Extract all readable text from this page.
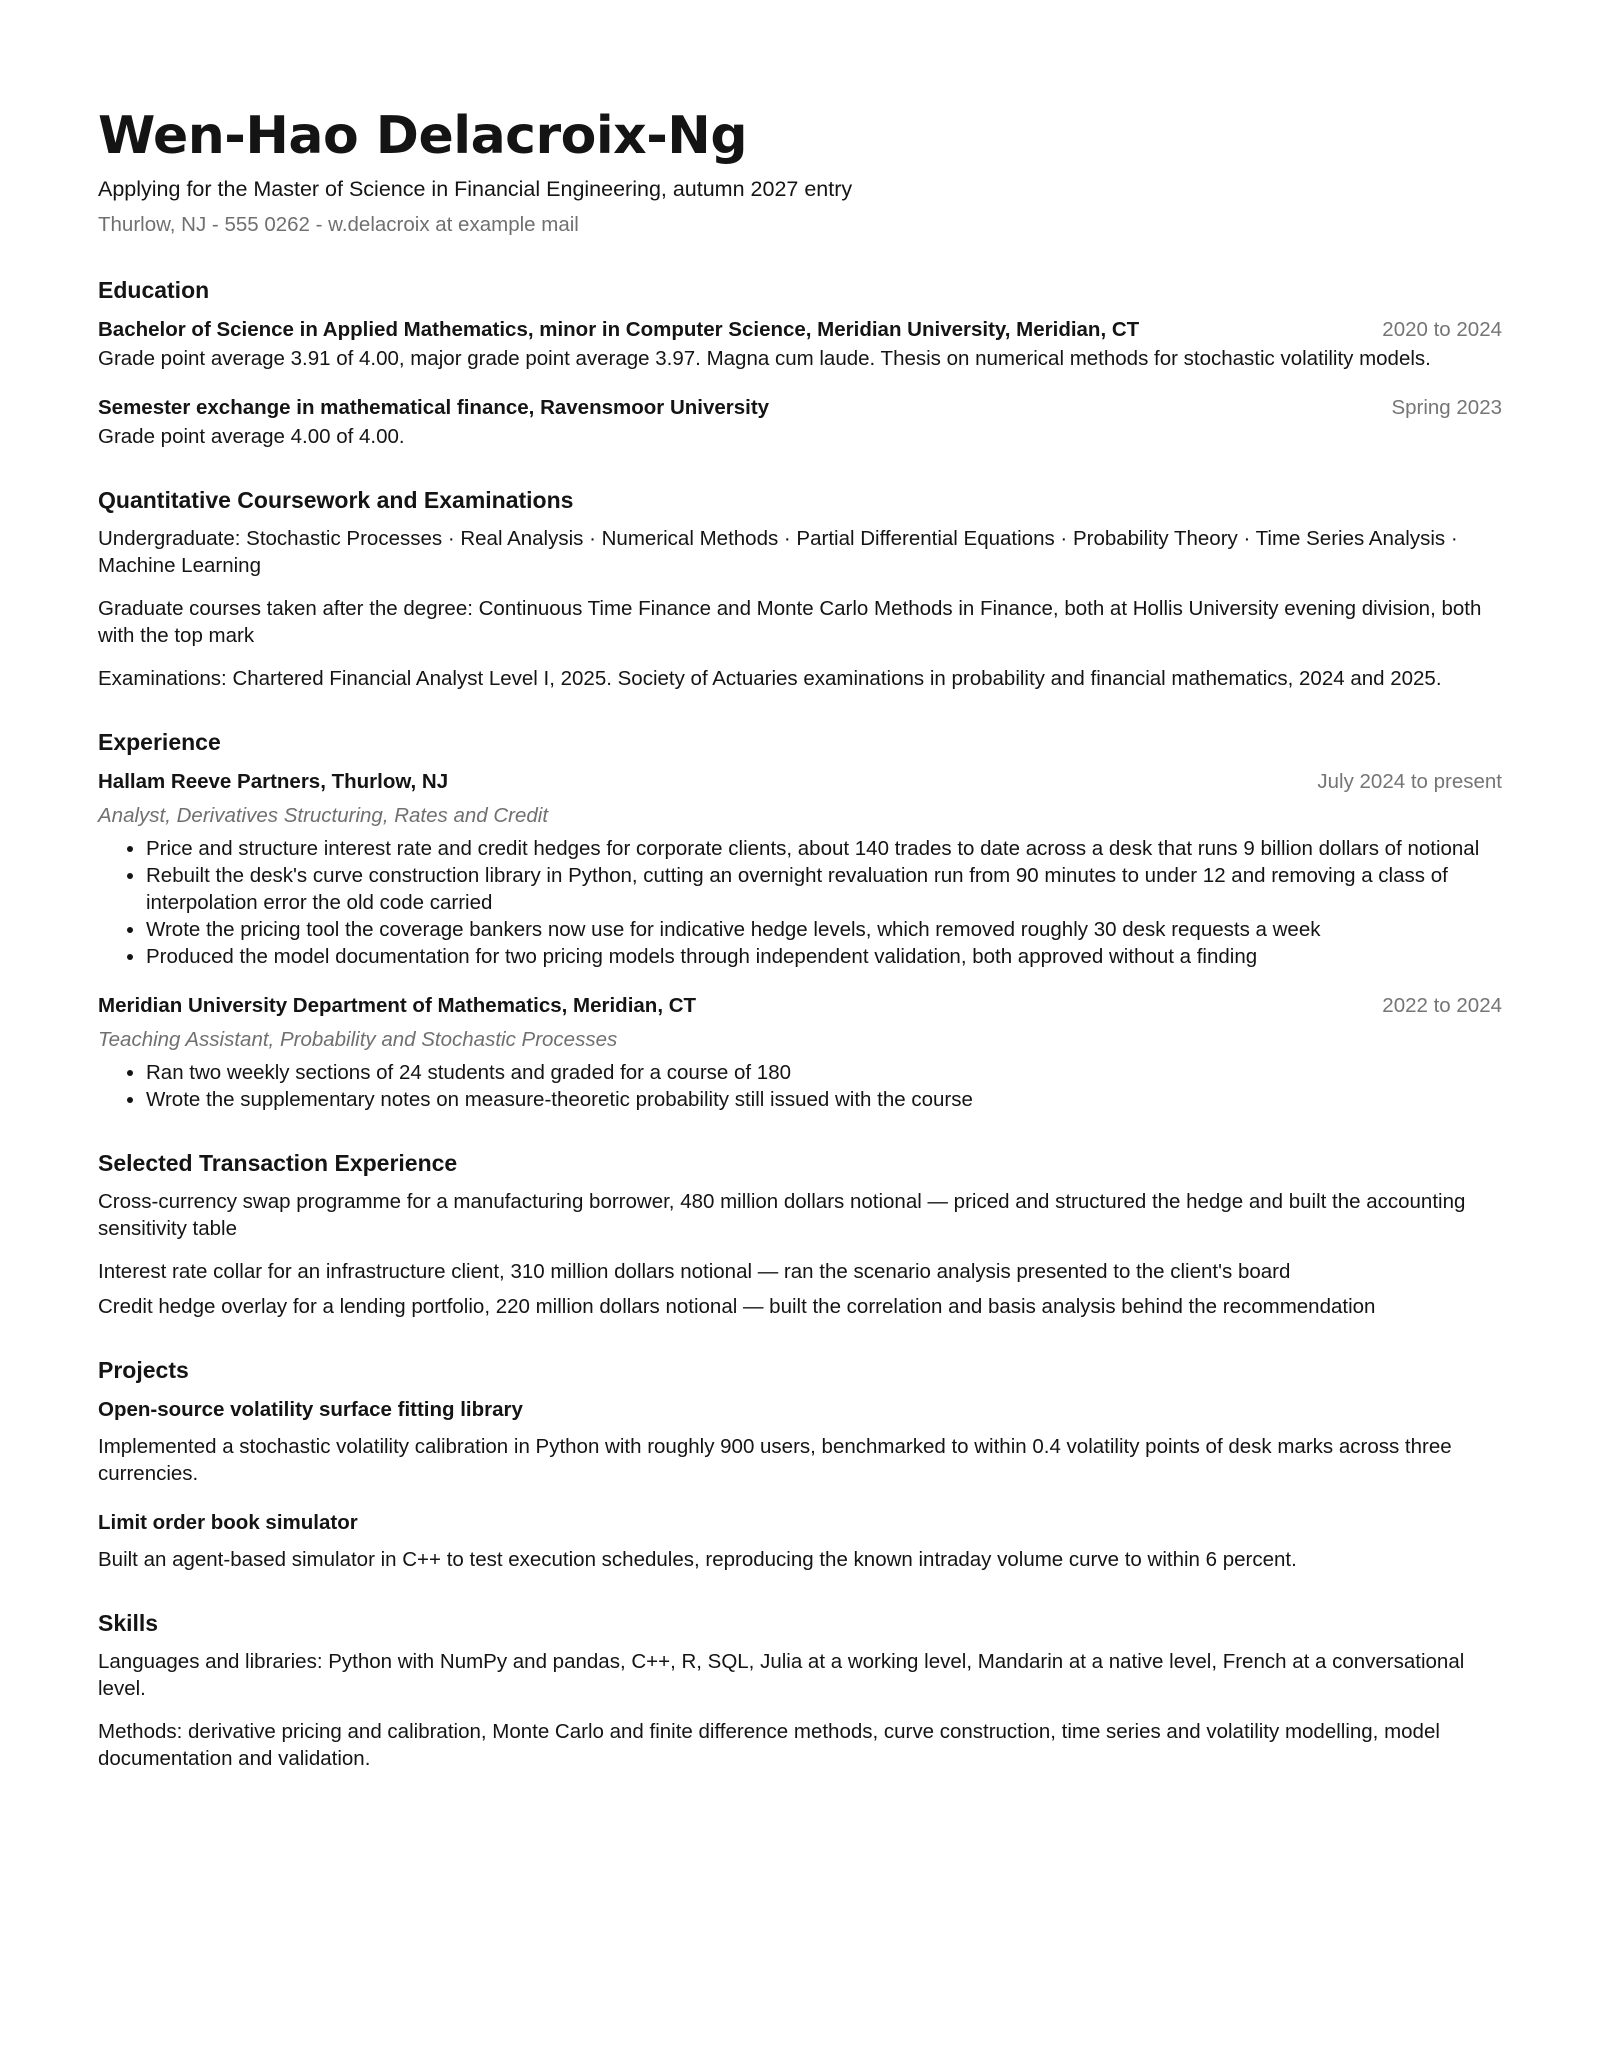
Wen-Hao Delacroix-Ng

Applying for the Master of Science in Financial Engineering, autumn 2027 entry

Thurlow, NJ - 555 0262 - w.delacroix at example mail

Education
Bachelor of Science in Applied Mathematics, minor in Computer Science, Meridian University, Meridian, CT	2020 to 2024

Grade point average 3.91 of 4.00, major grade point average 3.97. Magna cum laude. Thesis on numerical methods for stochastic volatility models.

Semester exchange in mathematical finance, Ravensmoor University	Spring 2023

Grade point average 4.00 of 4.00.

Quantitative Coursework and Examinations

Undergraduate: Stochastic Processes · Real Analysis · Numerical Methods · Partial Differential Equations · Probability Theory · Time Series Analysis · Machine Learning

Graduate courses taken after the degree: Continuous Time Finance and Monte Carlo Methods in Finance, both at Hollis University evening division, both with the top mark

Examinations: Chartered Financial Analyst Level I, 2025. Society of Actuaries examinations in probability and financial mathematics, 2024 and 2025.

Experience
Hallam Reeve Partners, Thurlow, NJ	July 2024 to present
Analyst, Derivatives Structuring, Rates and Credit
• Price and structure interest rate and credit hedges for corporate clients, about 140 trades to date across a desk that runs 9 billion dollars of notional
• Rebuilt the desk's curve construction library in Python, cutting an overnight revaluation run from 90 minutes to under 12 and removing a class of interpolation error the old code carried
• Wrote the pricing tool the coverage bankers now use for indicative hedge levels, which removed roughly 30 desk requests a week
• Produced the model documentation for two pricing models through independent validation, both approved without a finding
Meridian University Department of Mathematics, Meridian, CT	2022 to 2024
Teaching Assistant, Probability and Stochastic Processes
• Ran two weekly sections of 24 students and graded for a course of 180
• Wrote the supplementary notes on measure-theoretic probability still issued with the course
Selected Transaction Experience

Cross-currency swap programme for a manufacturing borrower, 480 million dollars notional — priced and structured the hedge and built the accounting sensitivity table

Interest rate collar for an infrastructure client, 310 million dollars notional — ran the scenario analysis presented to the client's board

Credit hedge overlay for a lending portfolio, 220 million dollars notional — built the correlation and basis analysis behind the recommendation

Projects
Open-source volatility surface fitting library

Implemented a stochastic volatility calibration in Python with roughly 900 users, benchmarked to within 0.4 volatility points of desk marks across three currencies.

Limit order book simulator

Built an agent-based simulator in C++ to test execution schedules, reproducing the known intraday volume curve to within 6 percent.

Skills

Languages and libraries: Python with NumPy and pandas, C++, R, SQL, Julia at a working level, Mandarin at a native level, French at a conversational level.

Methods: derivative pricing and calibration, Monte Carlo and finite difference methods, curve construction, time series and volatility modelling, model documentation and validation.
